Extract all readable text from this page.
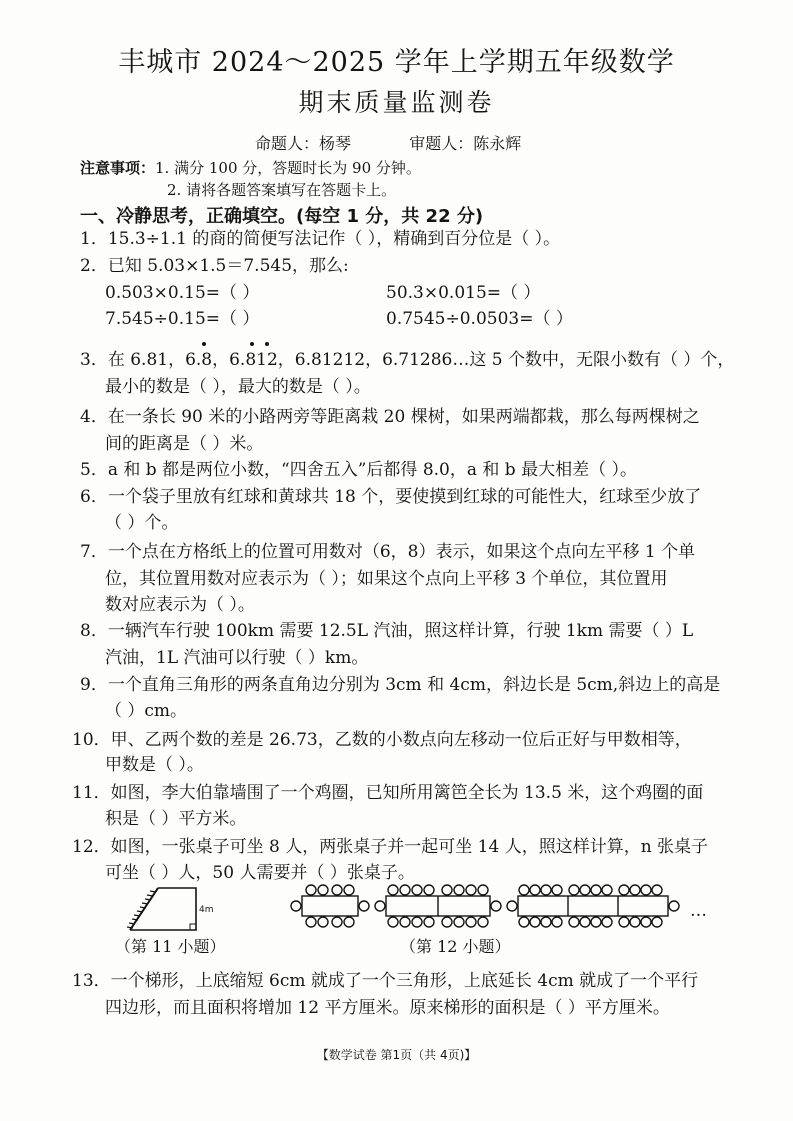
丰城市 2024～2025 学年上学期五年级数学
期末质量监测卷
命题人：杨琴	审题人：陈永辉
注意事项：1. 满分 100 分，答题时长为 90 分钟。
2. 请将各题答案填写在答题卡上。
一、冷静思考，正确填空。(每空 1 分，共 22 分)
1．15.3÷1.1 的商的简便写法记作（ ），精确到百分位是（ ）。
2．已知 5.03×1.5＝7.545，那么:
0.503×0.15=（ ）	50.3×0.015=（ ）
7.545÷0.15=（ ）	0.7545÷0.0503=（ ）
3．在 6.81，6.8，6.812，6.81212，6.71286…这 5 个数中，无限小数有（ ）个，
最小的数是（ ），最大的数是（ ）。
4．在一条长 90 米的小路两旁等距离栽 20 棵树，如果两端都栽，那么每两棵树之
间的距离是（ ）米。
5．a 和 b 都是两位小数，“四舍五入”后都得 8.0，a 和 b 最大相差（ ）。
6．一个袋子里放有红球和黄球共 18 个，要使摸到红球的可能性大，红球至少放了
（ ）个。
7．一个点在方格纸上的位置可用数对（6，8）表示，如果这个点向左平移 1 个单
位，其位置用数对应表示为（ ）；如果这个点向上平移 3 个单位，其位置用
数对应表示为（ ）。
8．一辆汽车行驶 100km 需要 12.5L 汽油，照这样计算，行驶 1km 需要（ ）L
汽油，1L 汽油可以行驶（ ）km。
9．一个直角三角形的两条直角边分别为 3cm 和 4cm，斜边长是 5cm,斜边上的高是
（ ）cm。
10．甲、乙两个数的差是 26.73，乙数的小数点向左移动一位后正好与甲数相等，
甲数是（ ）。
11．如图，李大伯靠墙围了一个鸡圈，已知所用篱笆全长为 13.5 米，这个鸡圈的面
积是（ ）平方米。
12．如图，一张桌子可坐 8 人，两张桌子并一起可坐 14 人，照这样计算，n 张桌子
可坐（ ）人，50 人需要并（ ）张桌子。
4m
（第 11 小题）
…
（第 12 小题）
13．一个梯形，上底缩短 6cm 就成了一个三角形，上底延长 4cm 就成了一个平行
四边形，而且面积将增加 12 平方厘米。原来梯形的面积是（ ）平方厘米。
【数学试卷 第1页（共 4页)】
